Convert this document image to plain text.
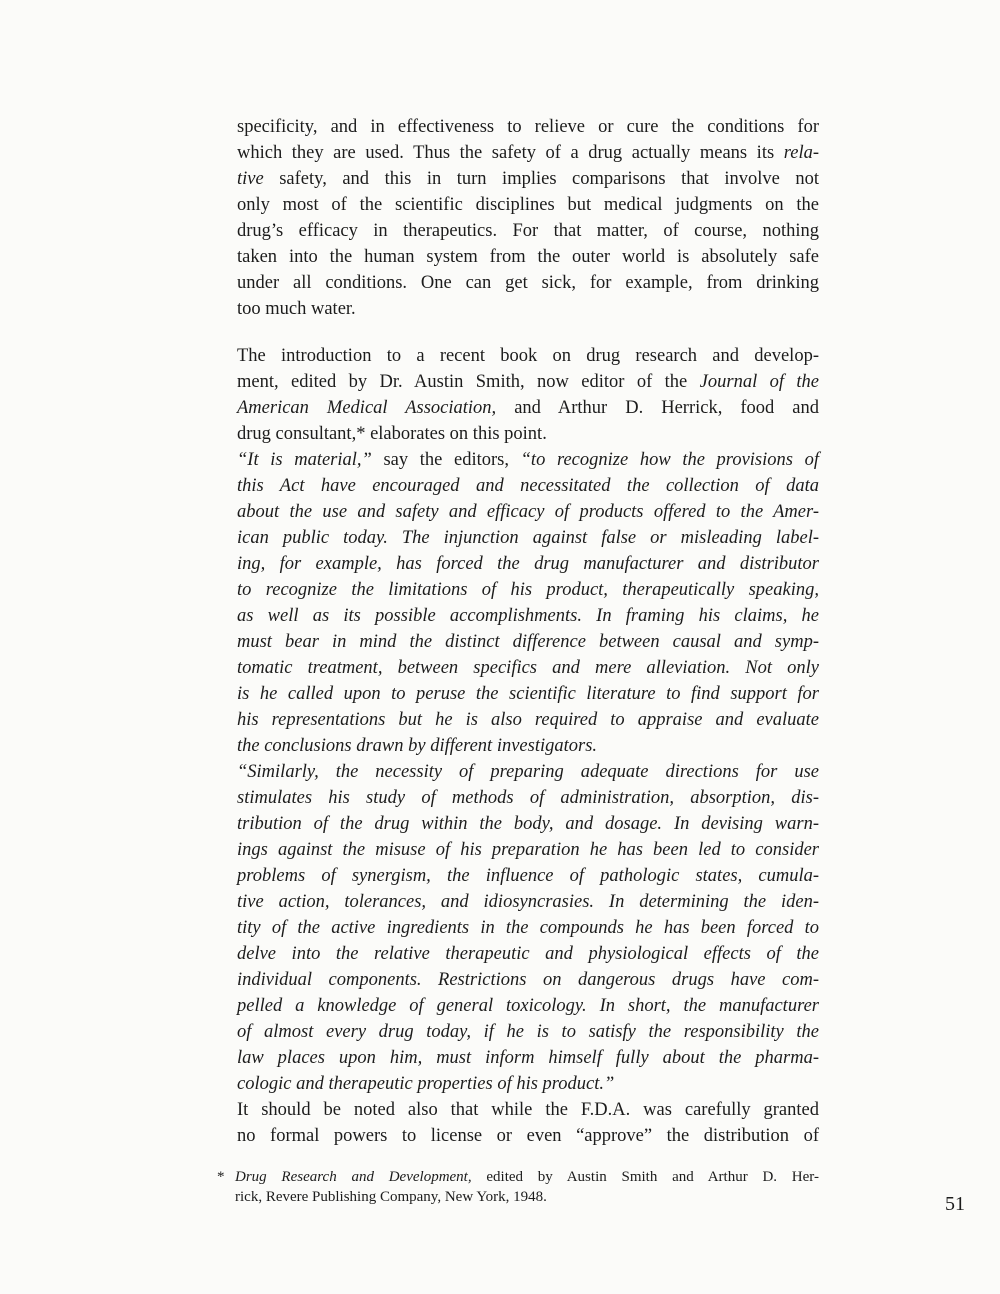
specificity, and in effectiveness to relieve or cure the conditions for
which they are used. Thus the safety of a drug actually means its rela-
tive safety, and this in turn implies comparisons that involve not
only most of the scientific disciplines but medical judgments on the
drug’s efficacy in therapeutics. For that matter, of course, nothing
taken into the human system from the outer world is absolutely safe
under all conditions. One can get sick, for example, from drinking
too much water.
The introduction to a recent book on drug research and develop-
ment, edited by Dr. Austin Smith, now editor of the Journal of the
American Medical Association, and Arthur D. Herrick, food and
drug consultant,* elaborates on this point.
“It is material,” say the editors, “to recognize how the provisions of
this Act have encouraged and necessitated the collection of data
about the use and safety and efficacy of products offered to the Amer-
ican public today. The injunction against false or misleading label-
ing, for example, has forced the drug manufacturer and distributor
to recognize the limitations of his product, therapeutically speaking,
as well as its possible accomplishments. In framing his claims, he
must bear in mind the distinct difference between causal and symp-
tomatic treatment, between specifics and mere alleviation. Not only
is he called upon to peruse the scientific literature to find support for
his representations but he is also required to appraise and evaluate
the conclusions drawn by different investigators.
“Similarly, the necessity of preparing adequate directions for use
stimulates his study of methods of administration, absorption, dis-
tribution of the drug within the body, and dosage. In devising warn-
ings against the misuse of his preparation he has been led to consider
problems of synergism, the influence of pathologic states, cumula-
tive action, tolerances, and idiosyncrasies. In determining the iden-
tity of the active ingredients in the compounds he has been forced to
delve into the relative therapeutic and physiological effects of the
individual components. Restrictions on dangerous drugs have com-
pelled a knowledge of general toxicology. In short, the manufacturer
of almost every drug today, if he is to satisfy the responsibility the
law places upon him, must inform himself fully about the pharma-
cologic and therapeutic properties of his product.”
It should be noted also that while the F.D.A. was carefully granted
no formal powers to license or even “approve” the distribution of
* Drug Research and Development, edited by Austin Smith and Arthur D. Her-
rick, Revere Publishing Company, New York, 1948.	51
